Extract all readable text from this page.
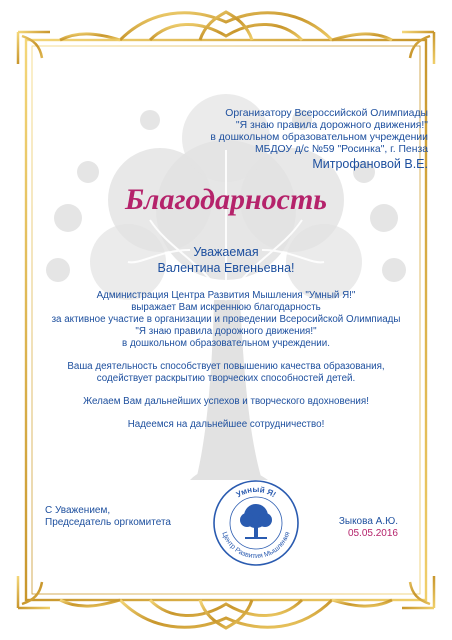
Организатору Всероссийской Олимпиады
"Я знаю правила дорожного движения!"
в дошкольном образовательном учреждении
МБДОУ д/с №59 "Росинка", г. Пенза
Митрофановой В.Е.
Благодарность
Уважаемая
Валентина Евгеньевна!
Администрация Центра Развития Мышления "Умный Я!"
выражает Вам искреннюю благодарность
за активное участие в организации и проведении Всеросийской Олимпиады
"Я знаю правила дорожного движения!"
в дошкольном образовательном учреждении.
Ваша деятельность способствует повышению качества образования,
содействует раскрытию творческих способностей детей.
Желаем Вам дальнейших успехов и творческого вдохновения!
Надеемся на дальнейшее сотрудничество!
С Уважением,
Председатель оргкомитета	Зыкова А.Ю.
05.05.2016
Умный Я!
Центр Развития Мышления
